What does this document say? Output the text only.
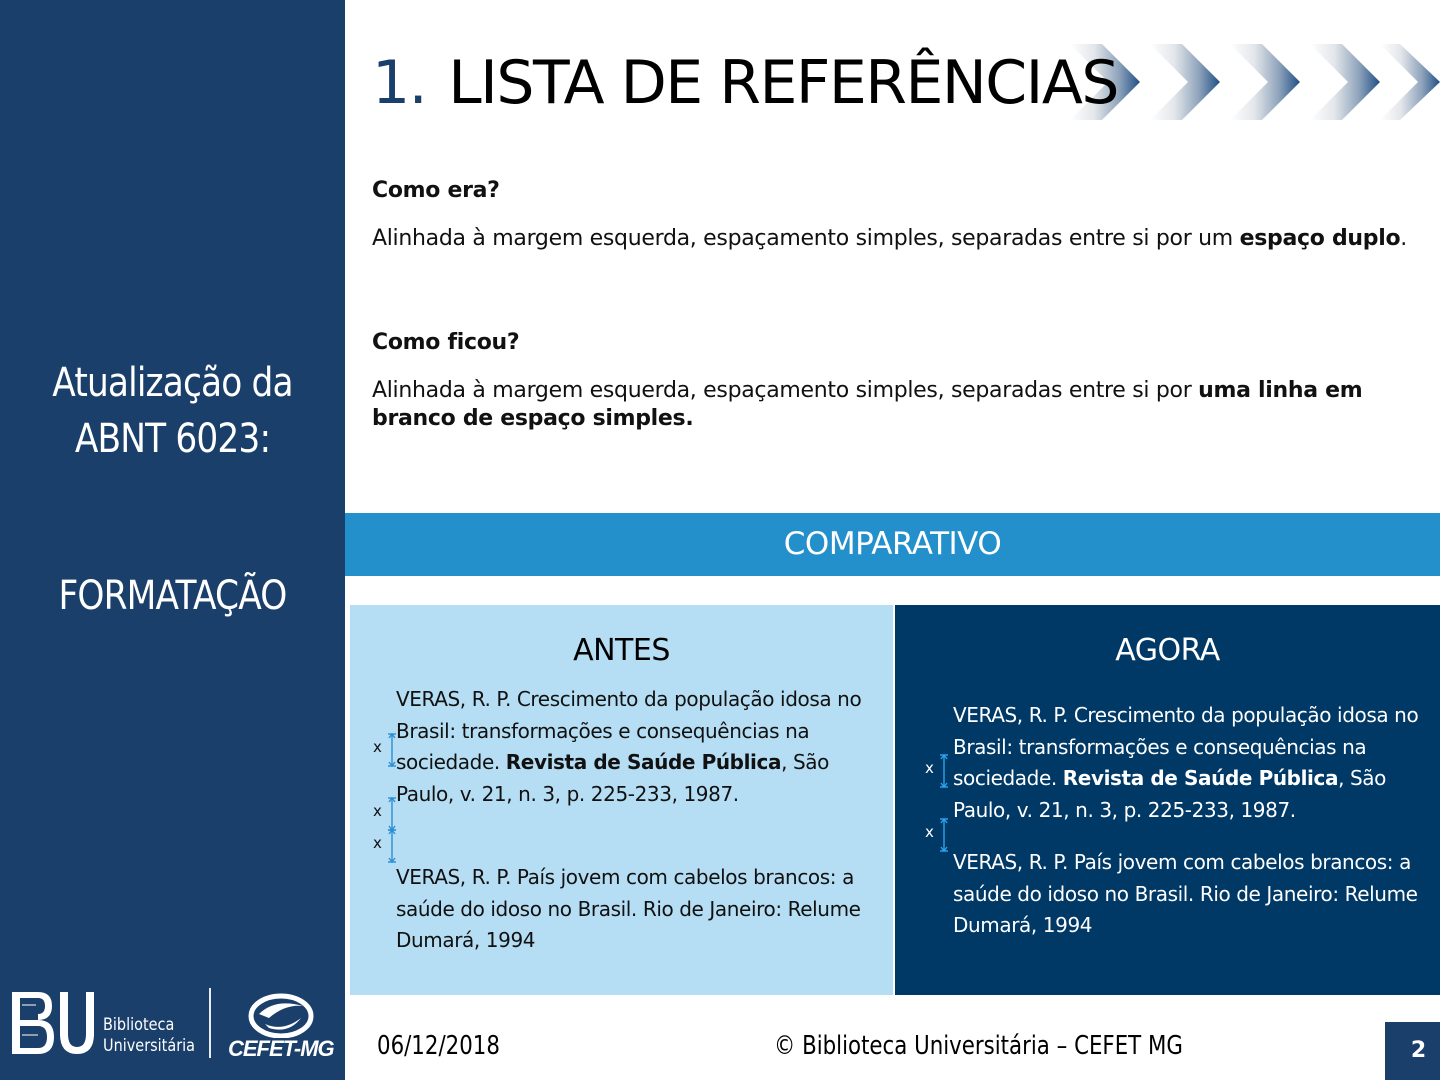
Atualização da
ABNT 6023:
FORMATAÇÃO
Biblioteca
Universitária CEFET-MG
1. LISTA DE REFERÊNCIAS
Como era?
Alinhada à margem esquerda, espaçamento simples, separadas entre si por um espaço duplo.
Como ficou?
Alinhada à margem esquerda, espaçamento simples, separadas entre si por uma linha em branco de espaço simples.
COMPARATIVO
ANTES
VERAS, R. P. Crescimento da população idosa no Brasil: transformações e consequências na sociedade. Revista de Saúde Pública, São Paulo, v. 21, n. 3, p. 225-233, 1987.
VERAS, R. P. País jovem com cabelos brancos: a saúde do idoso no Brasil. Rio de Janeiro: Relume Dumará, 1994
x
x
x
AGORA
VERAS, R. P. Crescimento da população idosa no Brasil: transformações e consequências na sociedade. Revista de Saúde Pública, São Paulo, v. 21, n. 3, p. 225-233, 1987.
VERAS, R. P. País jovem com cabelos brancos: a saúde do idoso no Brasil. Rio de Janeiro: Relume Dumará, 1994
x
x
06/12/2018	© Biblioteca Universitária – CEFET MG	2
